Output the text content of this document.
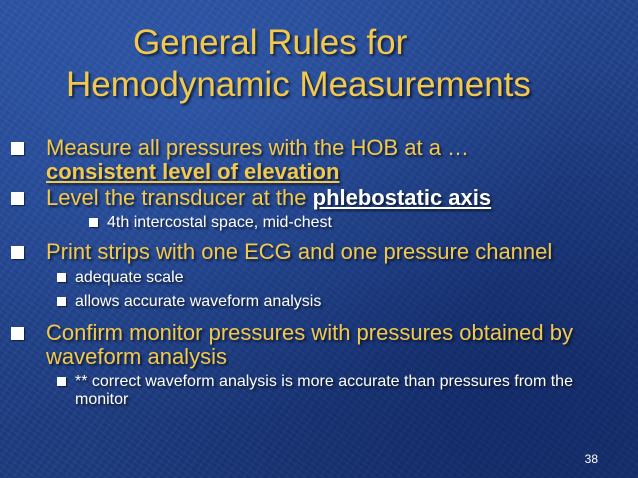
General Rules for
Hemodynamic Measurements
Measure all pressures with the HOB at a …
consistent level of elevation
Level the transducer at the phlebostatic axis
4th intercostal space, mid-chest
Print strips with one ECG and one pressure channel
adequate scale
allows accurate waveform analysis
Confirm monitor pressures with pressures obtained by waveform analysis
** correct waveform analysis is more accurate than pressures from the monitor
38
